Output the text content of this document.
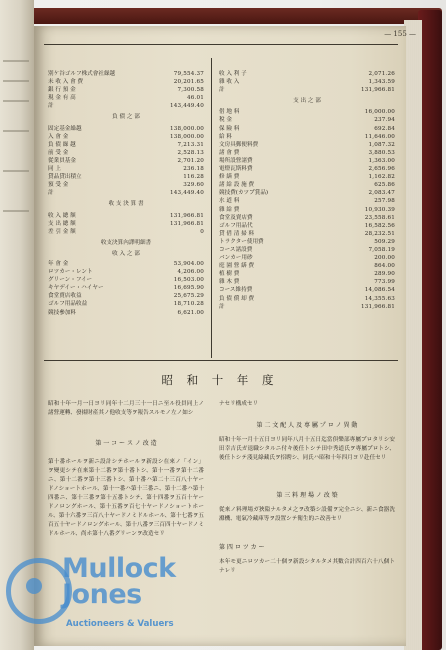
— 155 —
別ケ谷ゴルフ株式會社繰越	79,554.37
未 收 入 會 費	20,201.65
銀 行 預 金	7,300.58
現 金 有 高	46.01
計	143,449.40
負 債 之 部
固定基金繰越	138,000.00
入 會 金	138,000.00
負 債 繰 越	7,213.31
前 受 金	2,528.13
從業員基金	2,701.20
同 上	236.18
貸品貸出積立	116.28
預 受 金	329.60
計	143,449.40
收 支 決 算 書
收 入 總 額	131,966.81
支 出 總 額	131,966.81
差 引 金 額	0
收支決算內譯明細書
收 入 之 部
年 會 金	53,904.00
ロツカー・レント	4,206.00
グリーン・フイー	16,503.00
キヤデイー・ハイヤー	16,695.90
食堂賣店收益	25,675.29
ゴルフ用品收益	18,710.28
競技參加料	6,621.00
收 入 利 子	2,071.26
雜 收 入	1,343.59
計	131,966.81
支 出 之 部
借 地 料	16,000.00
稅 金	237.94
保 險 料	692.84
給 料	11,646.00
文房具郵便料費	1,087.32
諸 會 費	3,880.53
場所設營諸費	1,363.00
電燈瓦斯料費	2,656.96
修 繕 費	1,162.82
諸 給 設 施 費	625.86
競技費(カツプ賞品)	2,083.47
水 道 料	257.98
雜 給 費	10,930.39
食堂及賣店費	23,558.61
ゴルフ用品代	16,582.56
貸 借 清 掃 料	28,232.51
トラクター使用費	509.29
コース諸設費	7,058.19
バンカー用砂	200.00
庭 園 營 繕 費	864.00
植 樹 費	289.90
雜 木 費	773.99
コース維持費	14,086.54
負 債 償 却 費	14,355.63
計	131,966.81
昭 和 十 年 度
昭和十年一月一日ヨリ同年十二月三十一日ニ至ル役員同上ノ諸營運轉、發揚財產其ノ他收支等ヲ報告スルモノ左ノ如シ
第 一 コ ー ス ノ 改 造
第十番ホールヲ新ニ設計シテホールヲ新設シ在來ノ「イン」ヲ變更シテ在來第十二番ヲ第十番トシ、第十一番ヲ第十二番ニ、第十二番ヲ第十三番トシ、第十番ハ第二十三百八十ヤードノショートホール、第十一番ハ第十三番ニ、第十二番ハ第十四番ニ、第十三番ヲ第十五番トシテ、第十四番ヲ五百十ヤードノロングホール、第十五番ヲ百七十ヤードノショートホール、第十六番ヲ三百八十ヤードノミドルホール、第十七番ヲ五百五十ヤードノロングホール、第十八番ヲ三百四十ヤードノミドルホール、尚ホ第十八番グリーンヲ改造セリ
ナセリ構成セリ
第 二 文 配 人 及 専 屬 プ ロ ノ 異 動
昭和十年一月十五日ヨリ同年八月十五日迄當倶樂部專屬プロタリシ安田幸吉氏ガ退職シタルニ付キ後任トシテ田中秀道氏ヲ專屬プロトシ、後任トシテ淺見綠藏氏ヲ招聘シ、同氏ハ昭和十年四月ヨリ赴任セリ
第 三 料 理 場 ノ 改 築
從來ノ料理場ガ狹隘ナルタメ之ヲ改築シ設備ヲ完全ニシ、新ニ食器洗滌機、電氣冷藏庫等ヲ設置シテ衛生的ニ改善セリ
第 四 ロ ツ カ ー
本年モ更ニロツカー二十個ヲ新設シタルタメ其數合計四百六十八個トナレリ
Mullock
Jones
Auctioneers & Valuers
